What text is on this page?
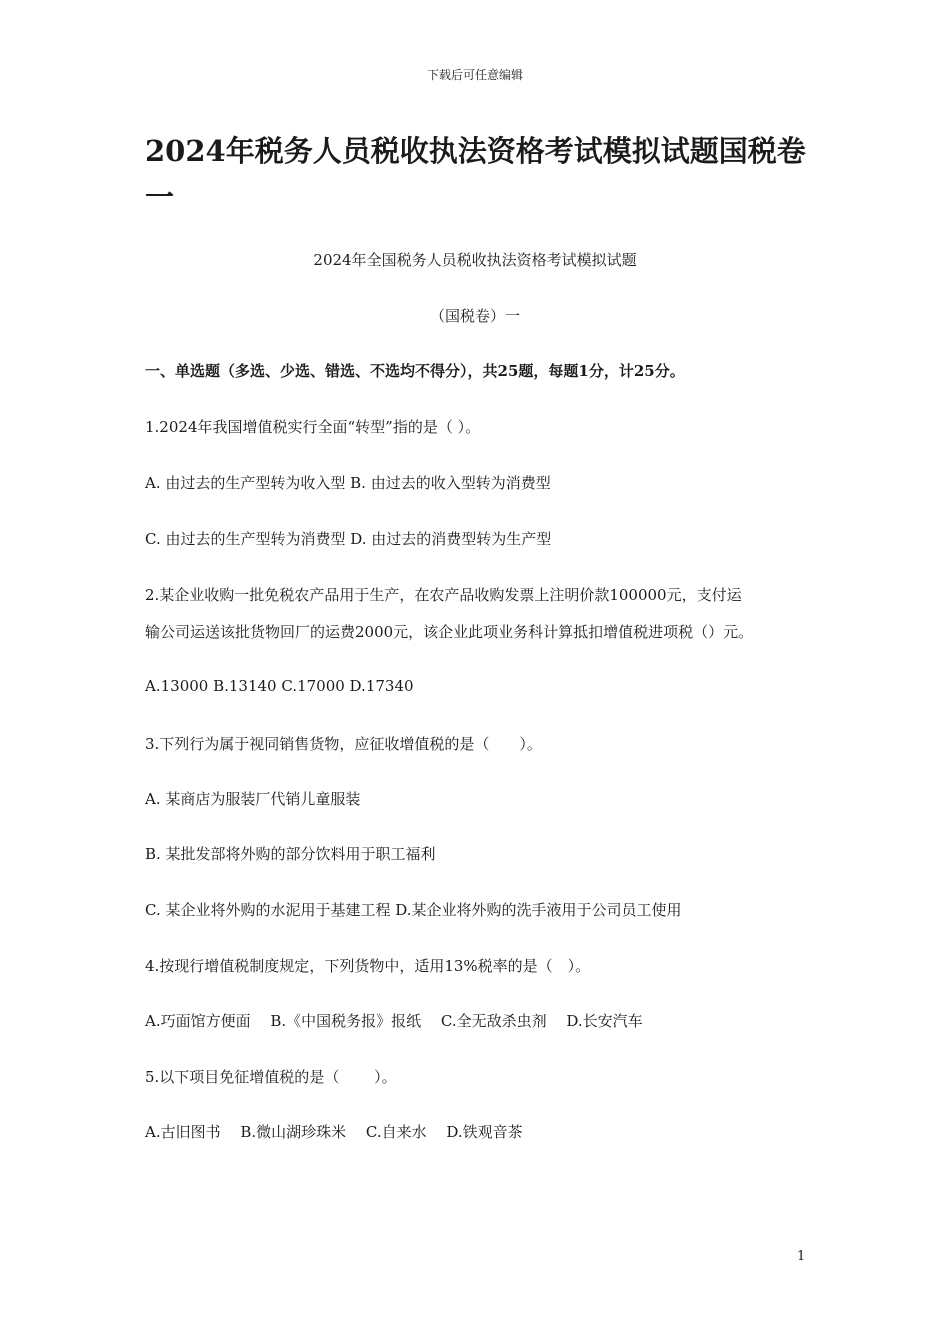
下载后可任意编辑
2024年税务人员税收执法资格考试模拟试题国税卷
一
2024年全国税务人员税收执法资格考试模拟试题
（国税卷）一
一、单选题（多选、少选、错选、不选均不得分），共25题，每题1分，计25分。
1.2024年我国增值税实行全面“转型”指的是（ ）。
A. 由过去的生产型转为收入型 B. 由过去的收入型转为消费型
C. 由过去的生产型转为消费型 D. 由过去的消费型转为生产型
2.某企业收购一批免税农产品用于生产，在农产品收购发票上注明价款100000元，支付运
输公司运送该批货物回厂的运费2000元，该企业此项业务科计算抵扣增值税进项税（）元。
A.13000 B.13140 C.17000 D.17340
3.下列行为属于视同销售货物，应征收增值税的是（　　）。
A. 某商店为服装厂代销儿童服装
B. 某批发部将外购的部分饮料用于职工福利
C. 某企业将外购的水泥用于基建工程 D.某企业将外购的洗手液用于公司员工使用
4.按现行增值税制度规定，下列货物中，适用13%税率的是（　）。
A.巧面馆方便面　 B.《中国税务报》报纸　 C.全无敌杀虫剂　 D.长安汽车
5.以下项目免征增值税的是（　　 ）。
A.古旧图书　 B.微山湖珍珠米　 C.自来水　 D.铁观音茶
1
